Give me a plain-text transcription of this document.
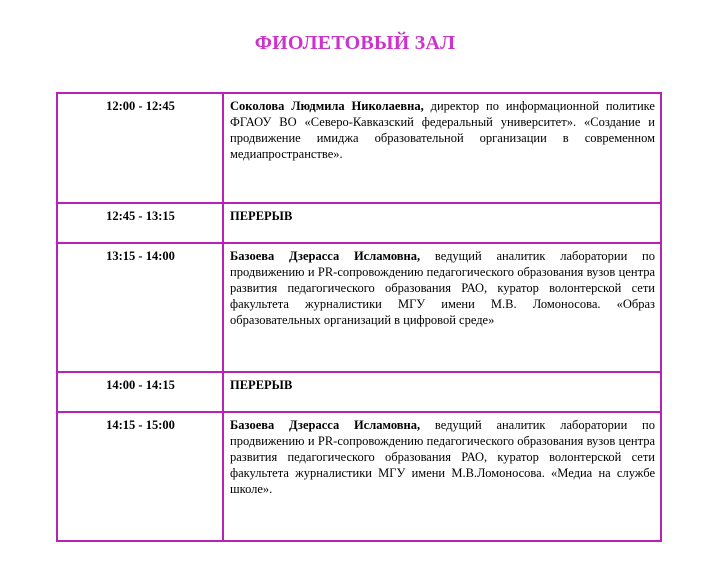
ФИОЛЕТОВЫЙ ЗАЛ
12:00 - 12:45	Соколова Людмила Николаевна, директор по информационной политике ФГАОУ ВО «Северо-Кавказский федеральный университет». «Создание и продвижение имиджа образовательной организации в современном медиапространстве».
12:45 - 13:15	ПЕРЕРЫВ
13:15 - 14:00	Базоева Дзерасса Исламовна, ведущий аналитик лаборатории по продвижению и PR-сопровождению педагогического образования вузов центра развития педагогического образования РАО, куратор волонтерской сети факультета журналистики МГУ имени М.В. Ломоносова. «Образ образовательных организаций в цифровой среде»
14:00 - 14:15	ПЕРЕРЫВ
14:15 - 15:00	Базоева Дзерасса Исламовна, ведущий аналитик лаборатории по продвижению и PR-сопровождению педагогического образования вузов центра развития педагогического образования РАО, куратор волонтерской сети факультета журналистики МГУ имени М.В.Ломоносова. «Медиа на службе школе».
